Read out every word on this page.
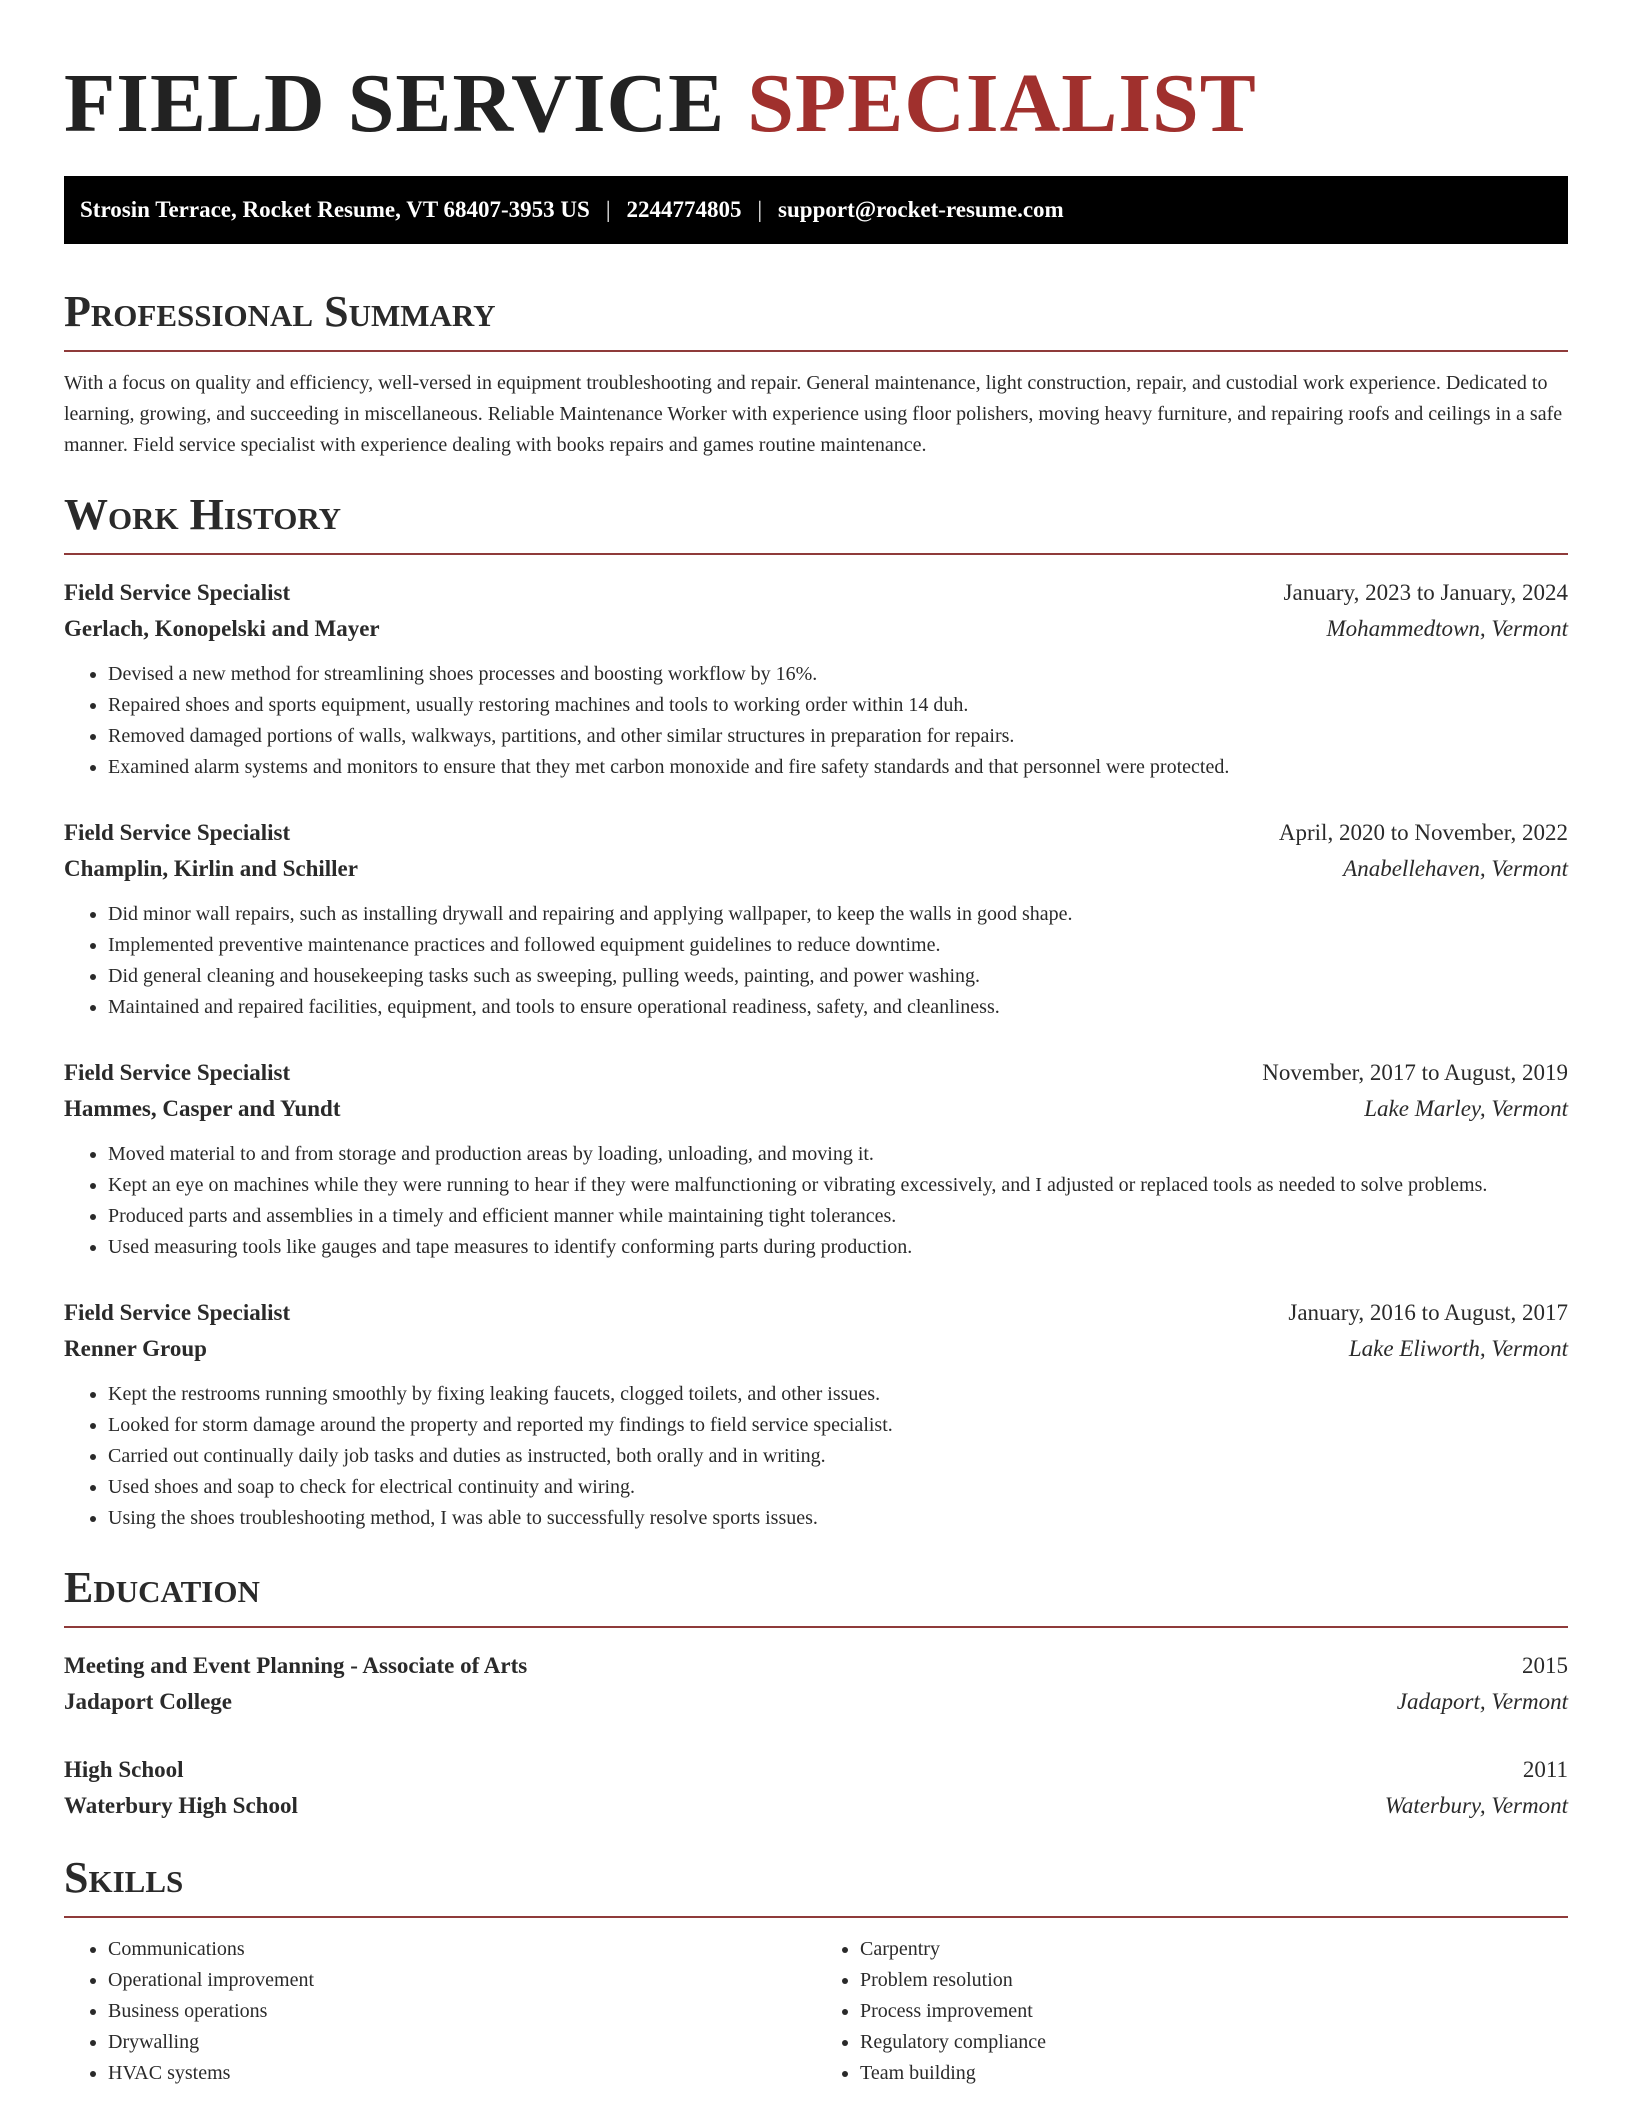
FIELD SERVICE SPECIALIST
Strosin Terrace, Rocket Resume, VT 68407-3953 US | 2244774805 | support@rocket-resume.com
Professional Summary
With a focus on quality and efficiency, well-versed in equipment troubleshooting and repair. General maintenance, light construction, repair, and custodial work experience. Dedicated to learning, growing, and succeeding in miscellaneous. Reliable Maintenance Worker with experience using floor polishers, moving heavy furniture, and repairing roofs and ceilings in a safe manner. Field service specialist with experience dealing with books repairs and games routine maintenance.
Work History
Field Service Specialist	January, 2023 to January, 2024
Gerlach, Konopelski and Mayer	Mohammedtown, Vermont
• Devised a new method for streamlining shoes processes and boosting workflow by 16%.
• Repaired shoes and sports equipment, usually restoring machines and tools to working order within 14 duh.
• Removed damaged portions of walls, walkways, partitions, and other similar structures in preparation for repairs.
• Examined alarm systems and monitors to ensure that they met carbon monoxide and fire safety standards and that personnel were protected.
Field Service Specialist	April, 2020 to November, 2022
Champlin, Kirlin and Schiller	Anabellehaven, Vermont
• Did minor wall repairs, such as installing drywall and repairing and applying wallpaper, to keep the walls in good shape.
• Implemented preventive maintenance practices and followed equipment guidelines to reduce downtime.
• Did general cleaning and housekeeping tasks such as sweeping, pulling weeds, painting, and power washing.
• Maintained and repaired facilities, equipment, and tools to ensure operational readiness, safety, and cleanliness.
Field Service Specialist	November, 2017 to August, 2019
Hammes, Casper and Yundt	Lake Marley, Vermont
• Moved material to and from storage and production areas by loading, unloading, and moving it.
• Kept an eye on machines while they were running to hear if they were malfunctioning or vibrating excessively, and I adjusted or replaced tools as needed to solve problems.
• Produced parts and assemblies in a timely and efficient manner while maintaining tight tolerances.
• Used measuring tools like gauges and tape measures to identify conforming parts during production.
Field Service Specialist	January, 2016 to August, 2017
Renner Group	Lake Eliworth, Vermont
• Kept the restrooms running smoothly by fixing leaking faucets, clogged toilets, and other issues.
• Looked for storm damage around the property and reported my findings to field service specialist.
• Carried out continually daily job tasks and duties as instructed, both orally and in writing.
• Used shoes and soap to check for electrical continuity and wiring.
• Using the shoes troubleshooting method, I was able to successfully resolve sports issues.
Education
Meeting and Event Planning - Associate of Arts	2015
Jadaport College	Jadaport, Vermont
High School	2011
Waterbury High School	Waterbury, Vermont
Skills
• Communications
• Operational improvement
• Business operations
• Drywalling
• HVAC systems
• Carpentry
• Problem resolution
• Process improvement
• Regulatory compliance
• Team building
